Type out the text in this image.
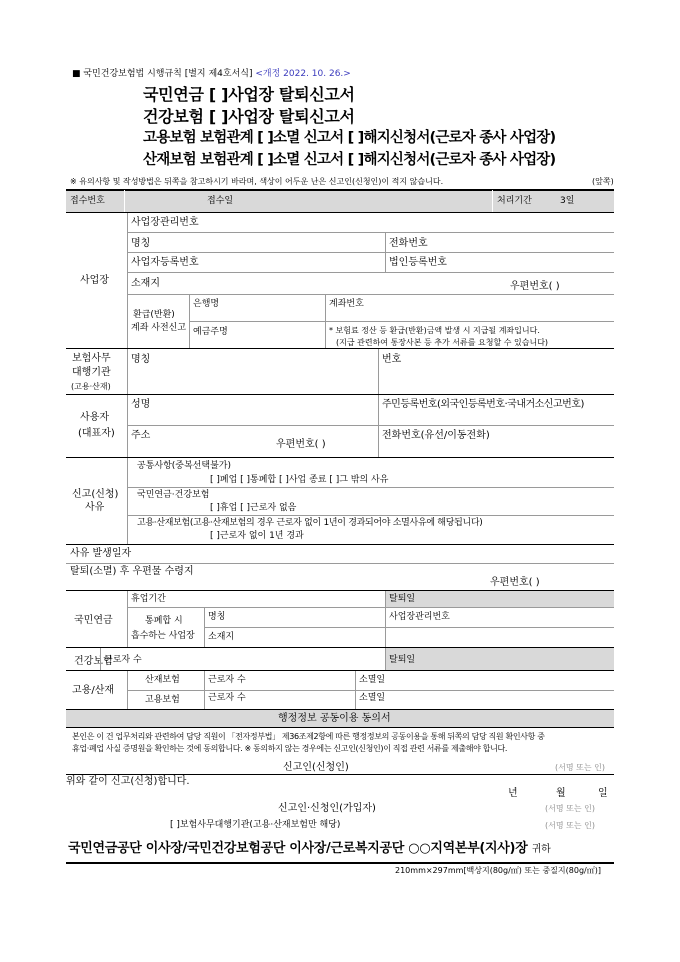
■ 국민건강보험법 시행규칙 [별지 제4호서식] <개정 2022. 10. 26.>
국민연금 [ ]사업장 탈퇴신고서
건강보험 [ ]사업장 탈퇴신고서
고용보험 보험관계 [ ]소멸 신고서 [ ]해지신청서(근로자 종사 사업장)
산재보험 보험관계 [ ]소멸 신고서 [ ]해지신청서(근로자 종사 사업장)
※ 유의사항 및 작성방법은 뒤쪽을 참고하시기 바라며, 색상이 어두운 난은 신고인(신청인)이 적지 않습니다.	(앞쪽)
접수번호	접수일	처리기간	3일
사업장
사업장관리번호
명칭	전화번호
사업자등록번호	법인등록번호
소재지	우편번호( )
환급(반환)
계좌 사전신고
은행명	계좌번호
예금주명	* 보험료 정산 등 환급(반환)금액 발생 시 지급될 계좌입니다.
(지급 관련하여 통장사본 등 추가 서류를 요청할 수 있습니다)
보험사무
대행기관
(고용·산재)
명칭	번호
사용자
(대표자)
성명	주민등록번호(외국인등록번호·국내거소신고번호)
주소
우편번호( )
전화번호(유선/이동전화)
신고(신청)
사유
공통사항(중복선택불가)
[ ]폐업 [ ]통폐합 [ ]사업 종료 [ ]그 밖의 사유
국민연금·건강보험
[ ]휴업 [ ]근로자 없음
고용·산재보험(고용·산재보험의 경우 근로자 없이 1년이 경과되어야 소멸사유에 해당됩니다)
[ ]근로자 없이 1년 경과
사유 발생일자
탈퇴(소멸) 후 우편물 수령지
우편번호( )
국민연금
휴업기간	탈퇴일
통폐합 시
흡수하는 사업장
명칭	사업장관리번호
소재지
건강보험
근로자 수	탈퇴일
고용/산재
산재보험	근로자 수	소멸일
고용보험	근로자 수	소멸일
행정정보 공동이용 동의서
본인은 이 건 업무처리와 관련하여 담당 직원이 「전자정부법」 제36조제2항에 따른 행정정보의 공동이용을 통해 뒤쪽의 담당 직원 확인사항 중
휴업·폐업 사실 증명원을 확인하는 것에 동의합니다. ※ 동의하지 않는 경우에는 신고인(신청인)이 직접 관련 서류를 제출해야 합니다.
신고인(신청인)	(서명 또는 인)
위와 같이 신고(신청)합니다.
년	월	일
신고인·신청인(가입자)	(서명 또는 인)
[ ]보험사무대행기관(고용·산재보험만 해당)	(서명 또는 인)
국민연금공단 이사장/국민건강보험공단 이사장/근로복지공단 ○○지역본부(지사)장 귀하
210mm×297mm[백상지(80g/㎡) 또는 중질지(80g/㎡)]
